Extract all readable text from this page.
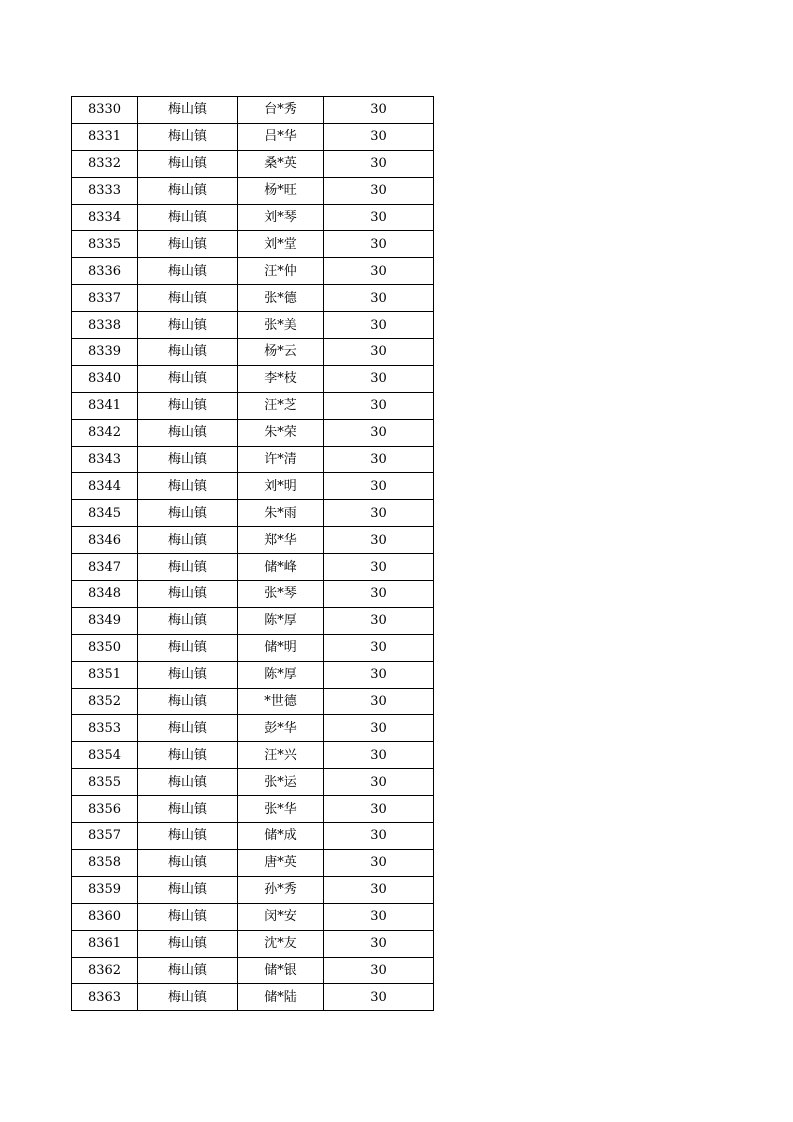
8330	梅山镇	台*秀	30
8331	梅山镇	吕*华	30
8332	梅山镇	桑*英	30
8333	梅山镇	杨*旺	30
8334	梅山镇	刘*琴	30
8335	梅山镇	刘*堂	30
8336	梅山镇	汪*仲	30
8337	梅山镇	张*德	30
8338	梅山镇	张*美	30
8339	梅山镇	杨*云	30
8340	梅山镇	李*枝	30
8341	梅山镇	汪*芝	30
8342	梅山镇	朱*荣	30
8343	梅山镇	许*清	30
8344	梅山镇	刘*明	30
8345	梅山镇	朱*雨	30
8346	梅山镇	郑*华	30
8347	梅山镇	储*峰	30
8348	梅山镇	张*琴	30
8349	梅山镇	陈*厚	30
8350	梅山镇	储*明	30
8351	梅山镇	陈*厚	30
8352	梅山镇	*世德	30
8353	梅山镇	彭*华	30
8354	梅山镇	汪*兴	30
8355	梅山镇	张*运	30
8356	梅山镇	张*华	30
8357	梅山镇	储*成	30
8358	梅山镇	唐*英	30
8359	梅山镇	孙*秀	30
8360	梅山镇	闵*安	30
8361	梅山镇	沈*友	30
8362	梅山镇	储*银	30
8363	梅山镇	储*陆	30
